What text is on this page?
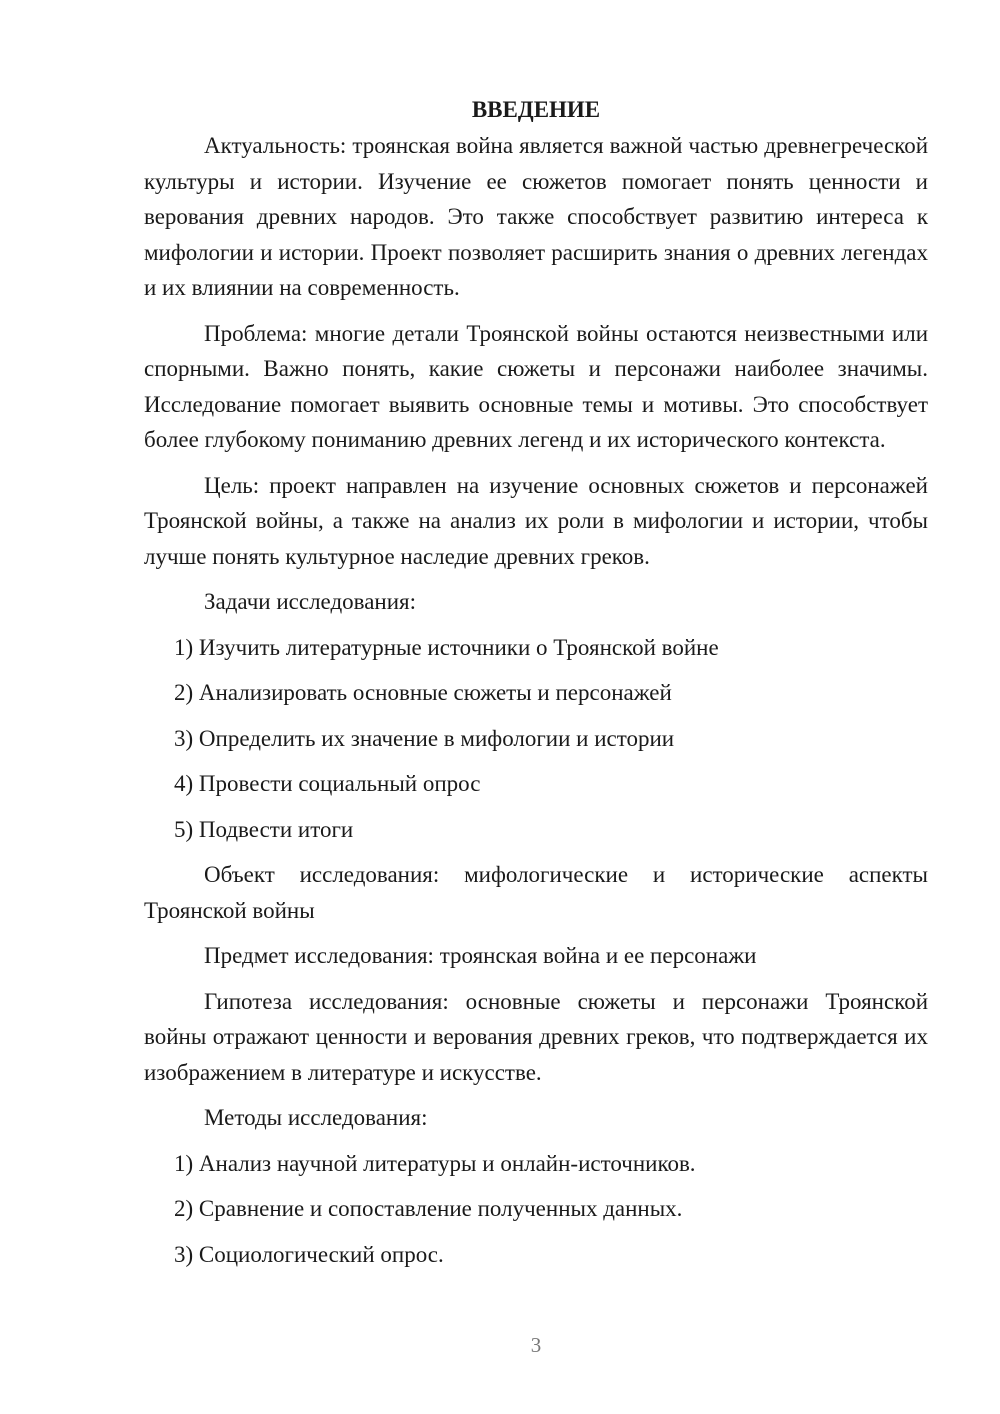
ВВЕДЕНИЕ

Актуальность: троянская война является важной частью древнегреческой культуры и истории. Изучение ее сюжетов помогает понять ценности и верования древних народов. Это также способствует развитию интереса к мифологии и истории. Проект позволяет расширить знания о древних легендах и их влиянии на современность.

Проблема: многие детали Троянской войны остаются неизвестными или спорными. Важно понять, какие сюжеты и персонажи наиболее значимы. Исследование помогает выявить основные темы и мотивы. Это способствует более глубокому пониманию древних легенд и их исторического контекста.

Цель: проект направлен на изучение основных сюжетов и персонажей Троянской войны, а также на анализ их роли в мифологии и истории, чтобы лучше понять культурное наследие древних греков.

Задачи исследования:

1) Изучить литературные источники о Троянской войне
2) Анализировать основные сюжеты и персонажей
3) Определить их значение в мифологии и истории
4) Провести социальный опрос
5) Подвести итоги

Объект исследования: мифологические и исторические аспекты Троянской войны

Предмет исследования: троянская война и ее персонажи

Гипотеза исследования: основные сюжеты и персонажи Троянской войны отражают ценности и верования древних греков, что подтверждается их изображением в литературе и искусстве.

Методы исследования:

1) Анализ научной литературы и онлайн-источников.
2) Сравнение и сопоставление полученных данных.
3) Социологический опрос.
3
